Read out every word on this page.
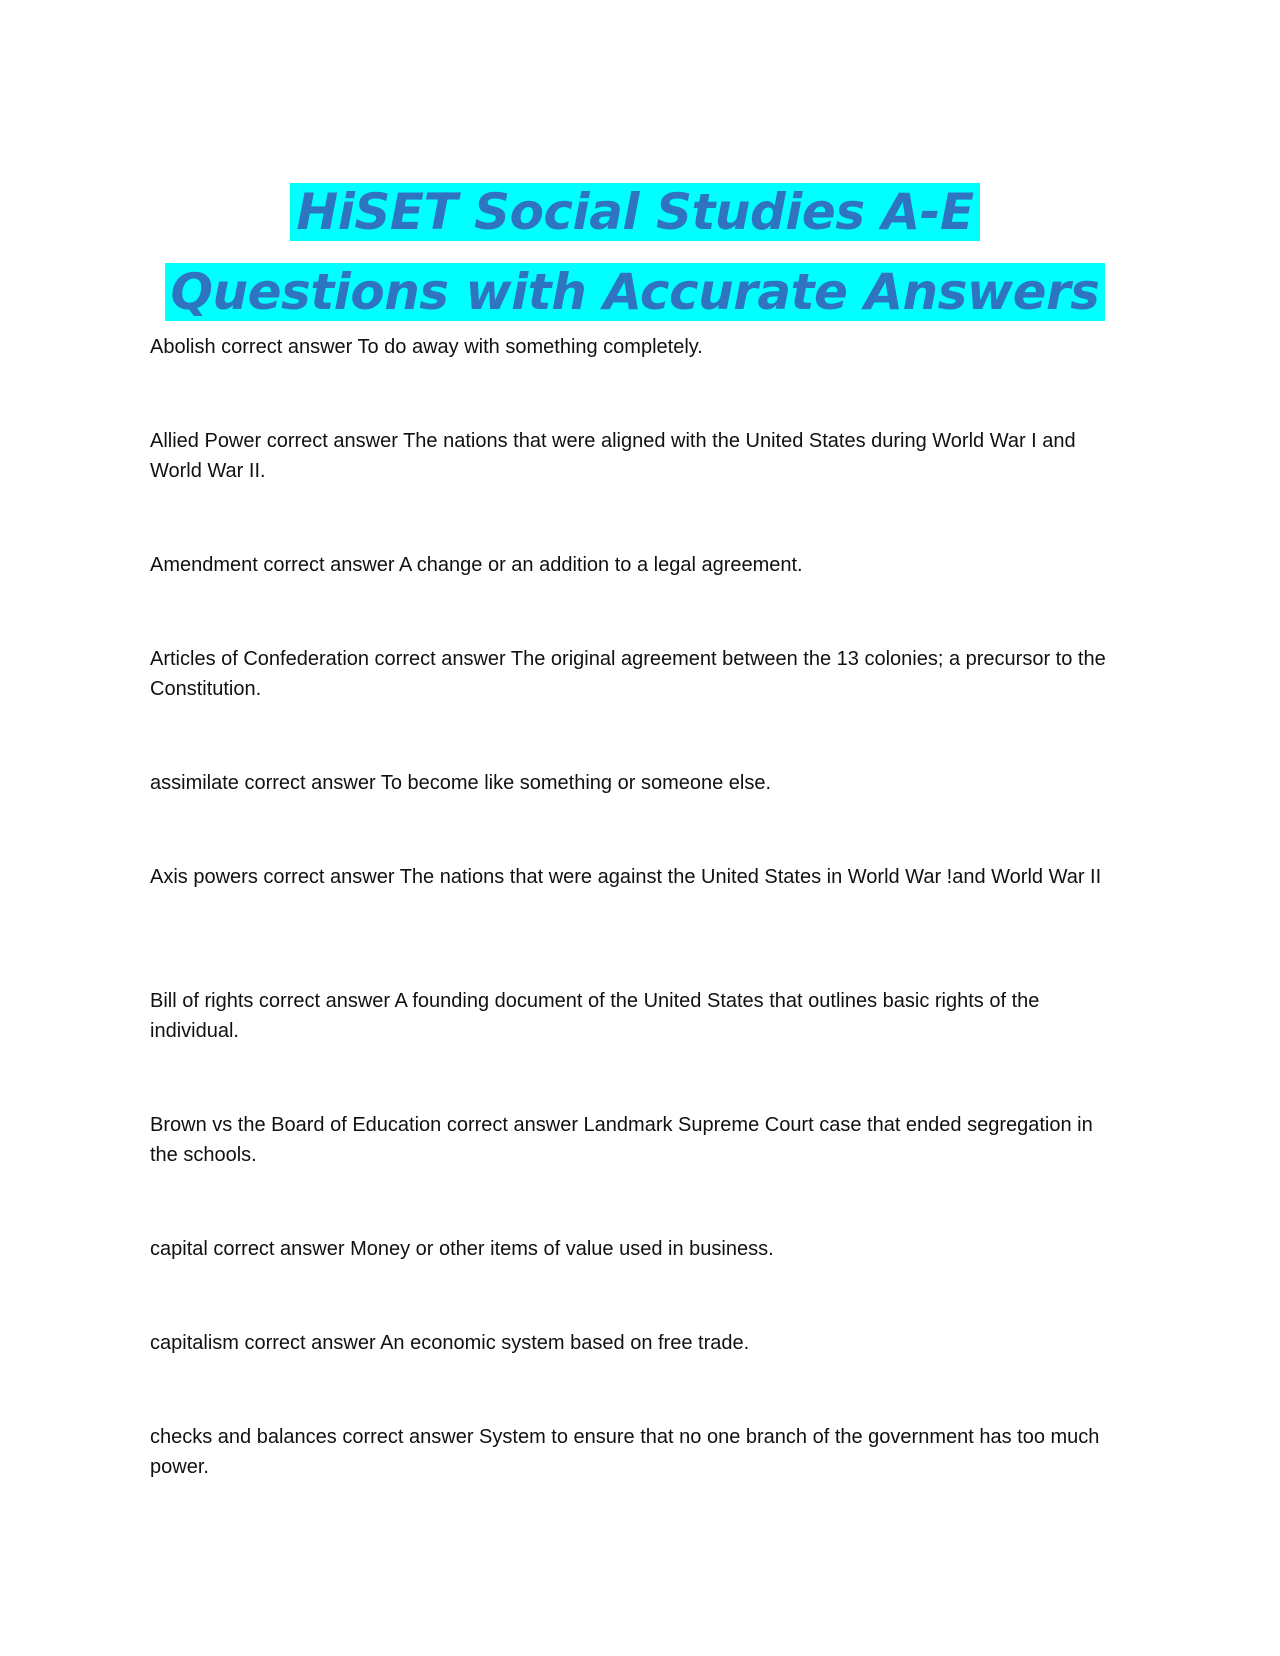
HiSET Social Studies A-E Questions with Accurate Answers

Abolish correct answer To do away with something completely.

Allied Power correct answer The nations that were aligned with the United States during World War I and World War II.

Amendment correct answer A change or an addition to a legal agreement.

Articles of Confederation correct answer The original agreement between the 13 colonies; a precursor to the Constitution.

assimilate correct answer To become like something or someone else.

Axis powers correct answer The nations that were against the United States in World War !and World War II

Bill of rights correct answer A founding document of the United States that outlines basic rights of the individual.

Brown vs the Board of Education correct answer Landmark Supreme Court case that ended segregation in the schools.

capital correct answer Money or other items of value used in business.

capitalism correct answer An economic system based on free trade.

checks and balances correct answer System to ensure that no one branch of the government has too much power.
